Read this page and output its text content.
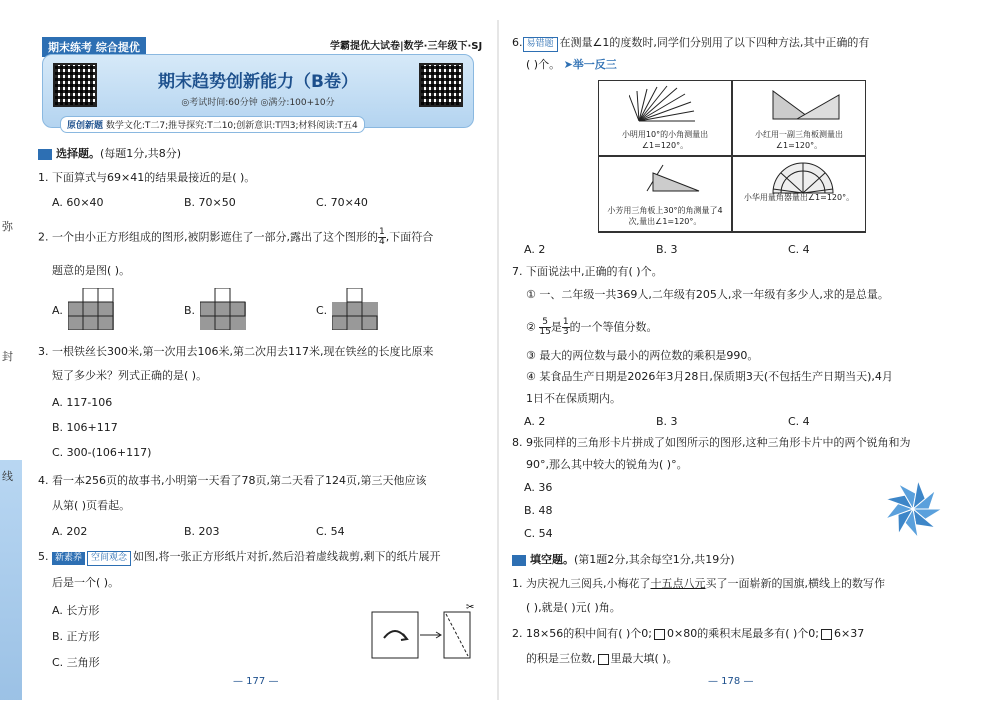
弥
封
线
期末练考 综合提优	学霸提优大试卷|数学·三年级下·SJ
期末趋势创新能力（B卷）
◎考试时间:60分钟 ◎满分:100+10分
原创新题 数学文化:T二7;推导探究:T二10;创新意识:T四3;材料阅读:T五4
选择题。(每题1分,共8分)
1. 下面算式与69×41的结果最接近的是( )。
A. 60×40	B. 70×50	C. 70×40
2. 一个由小正方形组成的图形,被阴影遮住了一部分,露出了这个图形的 $\frac{1}{4}$ ,下面符合
题意的是图( )。
A.	B.	C.
3. 一根铁丝长300米,第一次用去106米,第二次用去117米,现在铁丝的长度比原来
短了多少米？列式正确的是( )。
A. 117-106
B. 106+117
C. 300-(106+117)
4. 看一本256页的故事书,小明第一天看了78页,第二天看了124页,第三天他应该
从第( )页看起。
A. 202	B. 203	C. 54
5. 新素养 空间观念 如图,将一张正方形纸片对折,然后沿着虚线裁剪,剩下的纸片展开
后是一个( )。
A. 长方形
B. 正方形
C. 三角形
✂
— 177 —
6. 易错题 在测量∠1的度数时,同学们分别用了以下四种方法,其中正确的有
( )个。 ➤举一反三
小明用10°的小角测量出∠1=120°。
小红用一副三角板测量出∠1=120°。
小芳用三角板上30°的角测量了4次,量出∠1=120°。
小华用量角器量出∠1=120°。
A. 2	B. 3	C. 4
7. 下面说法中,正确的有( )个。
① 一、二年级一共369人,二年级有205人,求一年级有多少人,求的是总量。
② $\frac{5}{15}$ 是 $\frac{1}{3}$ 的一个等值分数。
③ 最大的两位数与最小的两位数的乘积是990。
④ 某食品生产日期是2026年3月28日,保质期3天(不包括生产日期当天),4月
1日不在保质期内。
A. 2	B. 3	C. 4
8. 9张同样的三角形卡片拼成了如图所示的图形,这种三角形卡片中的两个锐角和为
90°,那么其中较大的锐角为( )°。
A. 36
B. 48
C. 54
填空题。(第1题2分,其余每空1分,共19分)
1. 为庆祝九三阅兵,小梅花了十五点八元买了一面崭新的国旗,横线上的数写作
( ),就是( )元( )角。
2. 18×56的积中间有( )个0; 0×80的乘积末尾最多有( )个0; 6×37
的积是三位数, 里最大填( )。
— 178 —
